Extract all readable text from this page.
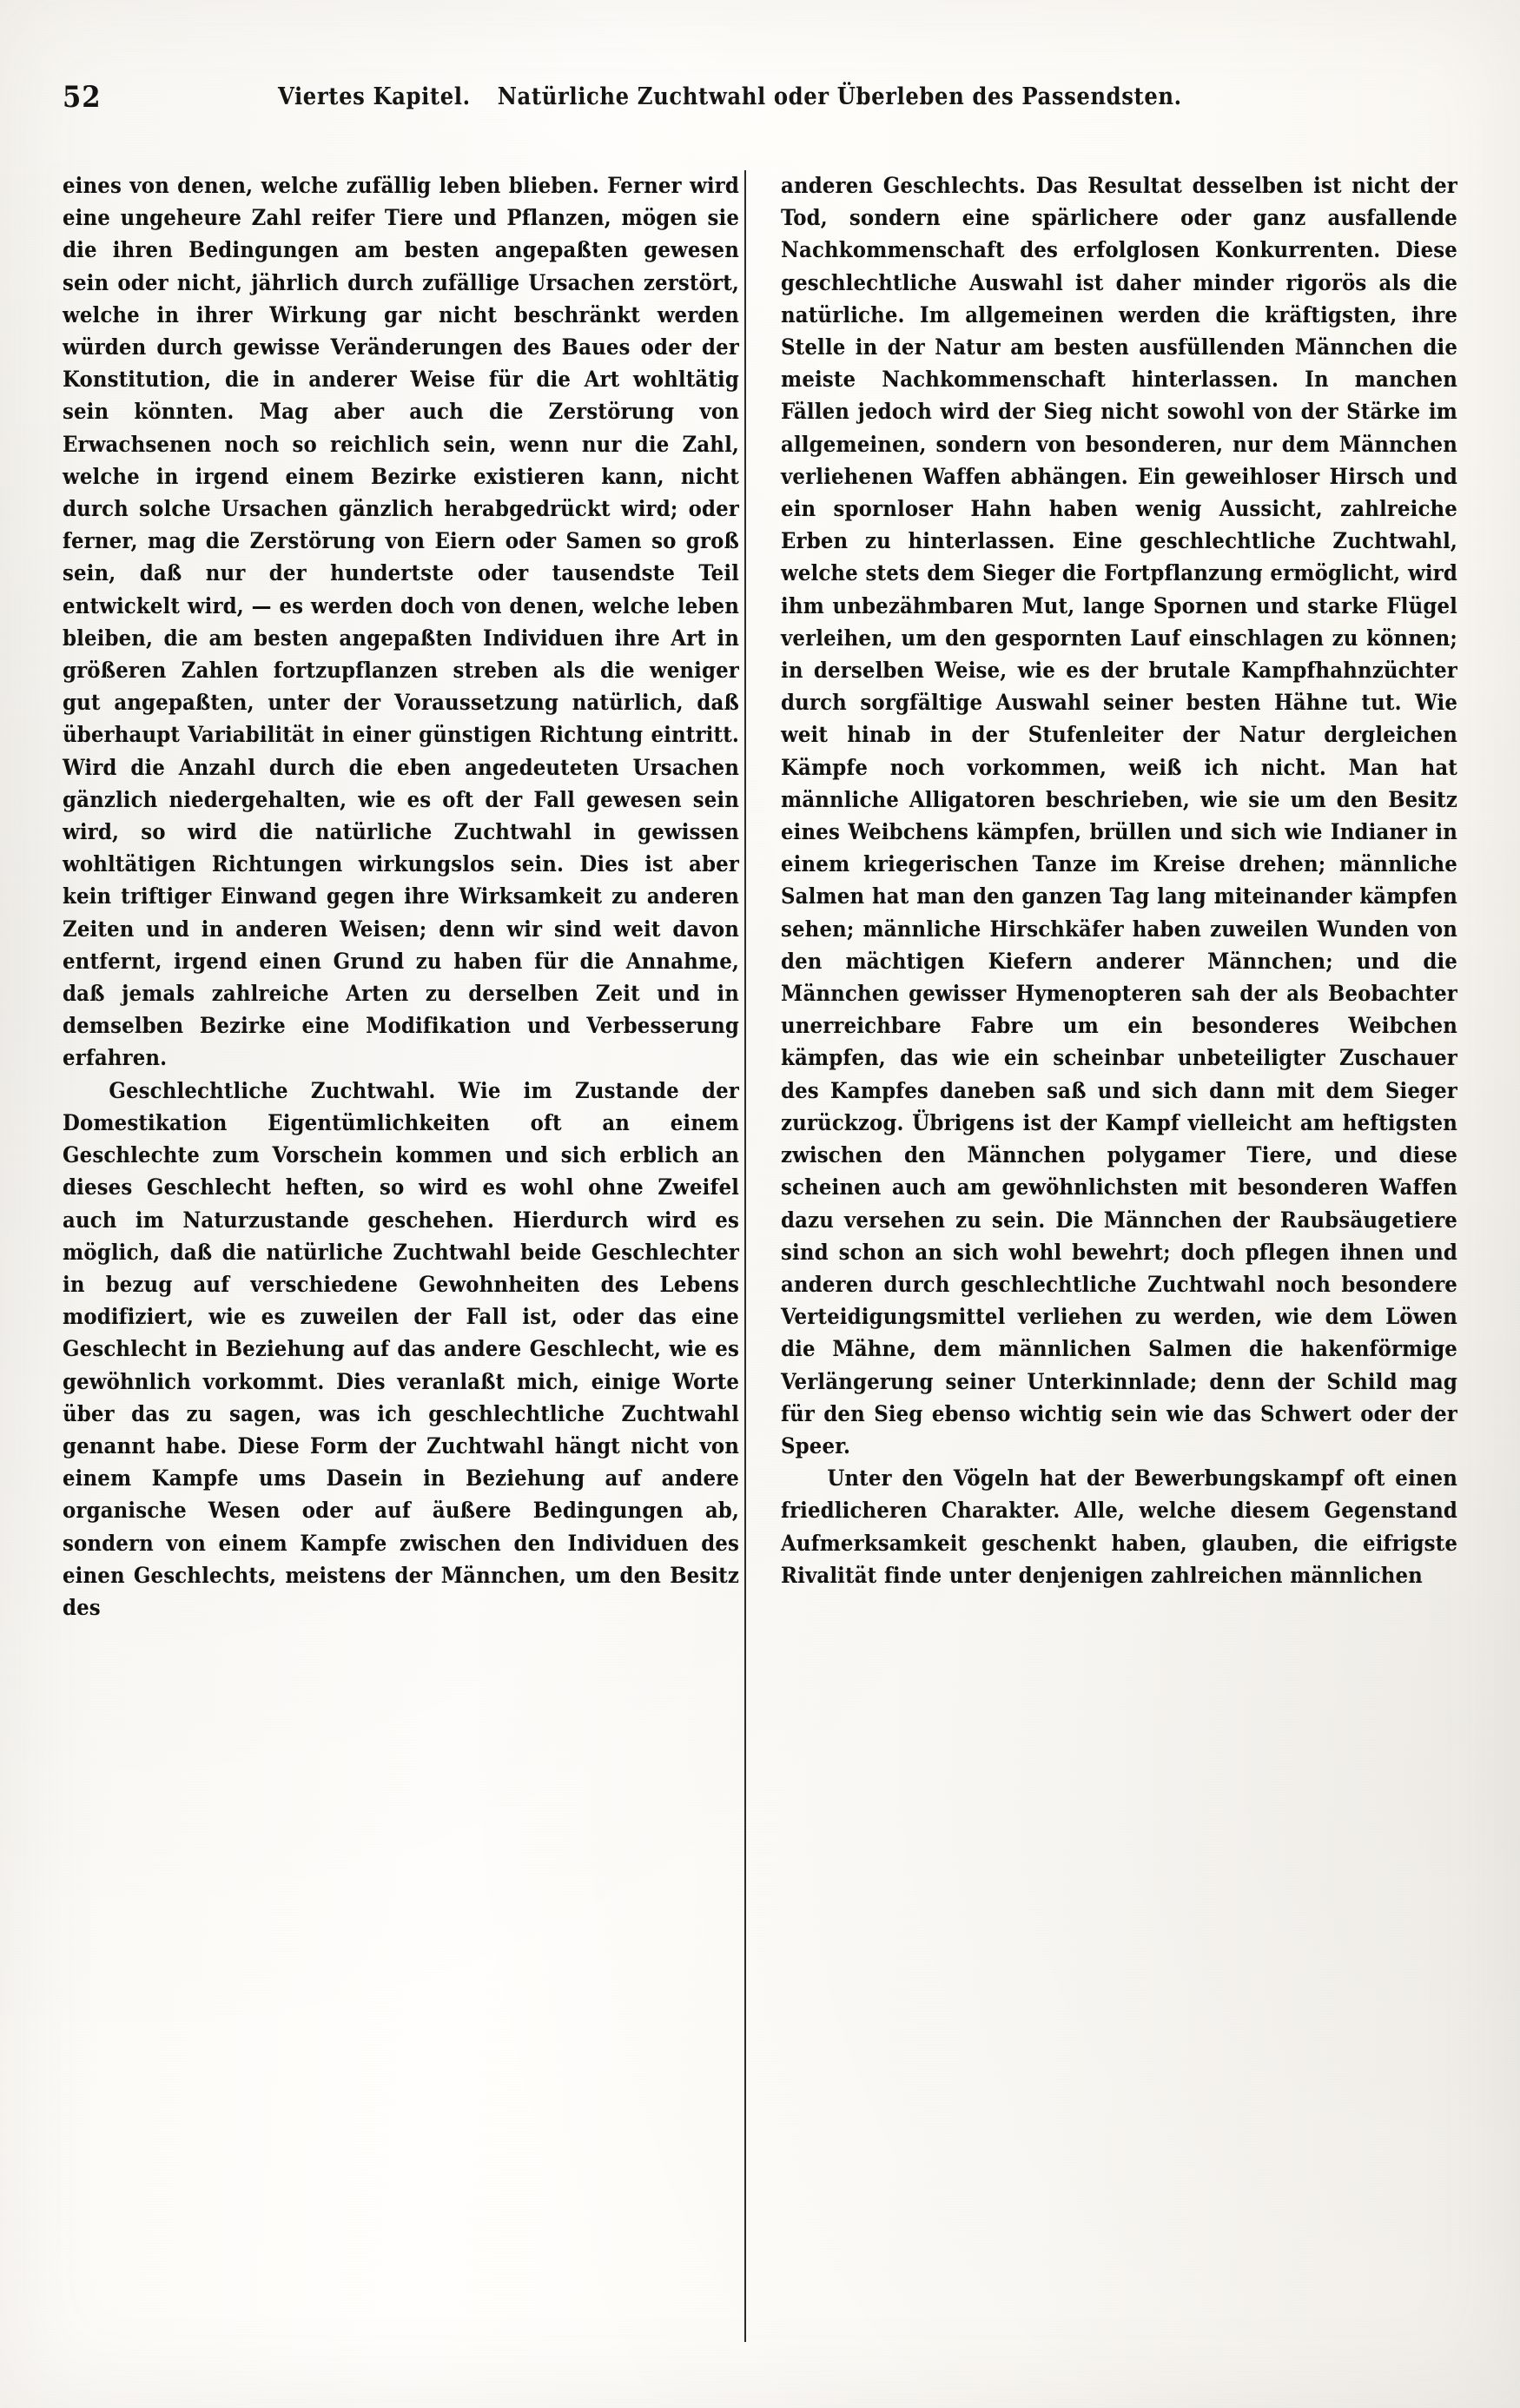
52	Viertes Kapitel. Natürliche Zuchtwahl oder Überleben des Passendsten.

eines von denen, welche zufällig leben blieben. Ferner wird eine ungeheure Zahl reifer Tiere und Pflanzen, mögen sie die ihren Bedingungen am besten angepaßten gewesen sein oder nicht, jährlich durch zufällige Ursachen zerstört, welche in ihrer Wirkung gar nicht beschränkt werden würden durch gewisse Veränderungen des Baues oder der Konstitution, die in anderer Weise für die Art wohltätig sein könnten. Mag aber auch die Zerstörung von Erwachsenen noch so reichlich sein, wenn nur die Zahl, welche in irgend einem Bezirke existieren kann, nicht durch solche Ursachen gänzlich herabgedrückt wird; oder ferner, mag die Zerstörung von Eiern oder Samen so groß sein, daß nur der hundertste oder tausendste Teil entwickelt wird, — es werden doch von denen, welche leben bleiben, die am besten angepaßten Individuen ihre Art in größeren Zahlen fortzupflanzen streben als die weniger gut angepaßten, unter der Voraussetzung natürlich, daß überhaupt Variabilität in einer günstigen Richtung eintritt. Wird die Anzahl durch die eben angedeuteten Ursachen gänzlich niedergehalten, wie es oft der Fall gewesen sein wird, so wird die natürliche Zuchtwahl in gewissen wohltätigen Richtungen wirkungslos sein. Dies ist aber kein triftiger Einwand gegen ihre Wirksamkeit zu anderen Zeiten und in anderen Weisen; denn wir sind weit davon entfernt, irgend einen Grund zu haben für die Annahme, daß jemals zahlreiche Arten zu derselben Zeit und in demselben Bezirke eine Modifikation und Verbesserung erfahren.

Geschlechtliche Zuchtwahl. Wie im Zustande der Domestikation Eigentümlichkeiten oft an einem Geschlechte zum Vorschein kommen und sich erblich an dieses Geschlecht heften, so wird es wohl ohne Zweifel auch im Naturzustande geschehen. Hierdurch wird es möglich, daß die natürliche Zuchtwahl beide Geschlechter in bezug auf verschiedene Gewohnheiten des Lebens modifiziert, wie es zuweilen der Fall ist, oder das eine Geschlecht in Beziehung auf das andere Geschlecht, wie es gewöhnlich vorkommt. Dies veranlaßt mich, einige Worte über das zu sagen, was ich geschlechtliche Zuchtwahl genannt habe. Diese Form der Zuchtwahl hängt nicht von einem Kampfe ums Dasein in Beziehung auf andere organische Wesen oder auf äußere Bedingungen ab, sondern von einem Kampfe zwischen den Individuen des einen Geschlechts, meistens der Männchen, um den Besitz des

anderen Geschlechts. Das Resultat desselben ist nicht der Tod, sondern eine spärlichere oder ganz ausfallende Nachkommenschaft des erfolglosen Konkurrenten. Diese geschlechtliche Auswahl ist daher minder rigorös als die natürliche. Im allgemeinen werden die kräftigsten, ihre Stelle in der Natur am besten ausfüllenden Männchen die meiste Nachkommenschaft hinterlassen. In manchen Fällen jedoch wird der Sieg nicht sowohl von der Stärke im allgemeinen, sondern von besonderen, nur dem Männchen verliehenen Waffen abhängen. Ein geweihloser Hirsch und ein spornloser Hahn haben wenig Aussicht, zahlreiche Erben zu hinterlassen. Eine geschlechtliche Zuchtwahl, welche stets dem Sieger die Fortpflanzung ermöglicht, wird ihm unbezähmbaren Mut, lange Spornen und starke Flügel verleihen, um den gespornten Lauf einschlagen zu können; in derselben Weise, wie es der brutale Kampfhahnzüchter durch sorgfältige Auswahl seiner besten Hähne tut. Wie weit hinab in der Stufenleiter der Natur dergleichen Kämpfe noch vorkommen, weiß ich nicht. Man hat männliche Alligatoren beschrieben, wie sie um den Besitz eines Weibchens kämpfen, brüllen und sich wie Indianer in einem kriegerischen Tanze im Kreise drehen; männliche Salmen hat man den ganzen Tag lang miteinander kämpfen sehen; männliche Hirschkäfer haben zuweilen Wunden von den mächtigen Kiefern anderer Männchen; und die Männchen gewisser Hymenopteren sah der als Beobachter unerreichbare Fabre um ein besonderes Weibchen kämpfen, das wie ein scheinbar unbeteiligter Zuschauer des Kampfes daneben saß und sich dann mit dem Sieger zurückzog. Übrigens ist der Kampf vielleicht am heftigsten zwischen den Männchen polygamer Tiere, und diese scheinen auch am gewöhnlichsten mit besonderen Waffen dazu versehen zu sein. Die Männchen der Raubsäugetiere sind schon an sich wohl bewehrt; doch pflegen ihnen und anderen durch geschlechtliche Zuchtwahl noch besondere Verteidigungsmittel verliehen zu werden, wie dem Löwen die Mähne, dem männlichen Salmen die hakenförmige Verlängerung seiner Unterkinnlade; denn der Schild mag für den Sieg ebenso wichtig sein wie das Schwert oder der Speer.

Unter den Vögeln hat der Bewerbungskampf oft einen friedlicheren Charakter. Alle, welche diesem Gegenstand Aufmerksamkeit geschenkt haben, glauben, die eifrigste Rivalität finde unter denjenigen zahlreichen männlichen
